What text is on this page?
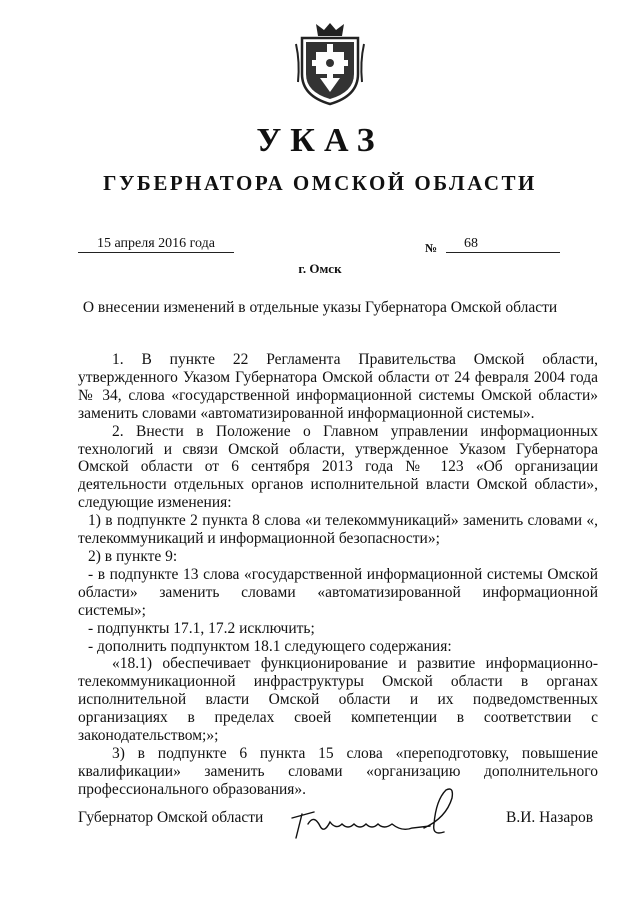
УКАЗ
ГУБЕРНАТОРА ОМСКОЙ ОБЛАСТИ
15 апреля 2016 года	№	68
г. Омск
О внесении изменений в отдельные указы Губернатора Омской области

1. В пункте 22 Регламента Правительства Омской области, утвержденного Указом Губернатора Омской области от 24 февраля 2004 года № 34, слова «государственной информационной системы Омской области» заменить словами «автоматизированной информационной системы».

2. Внести в Положение о Главном управлении информационных технологий и связи Омской области, утвержденное Указом Губернатора Омской области от 6 сентября 2013 года № 123 «Об организации деятельности отдельных органов исполнительной власти Омской области», следующие изменения:

1) в подпункте 2 пункта 8 слова «и телекоммуникаций» заменить словами «, телекоммуникаций и информационной безопасности»;

2) в пункте 9:

- в подпункте 13 слова «государственной информационной системы Омской области» заменить словами «автоматизированной информационной системы»;

- подпункты 17.1, 17.2 исключить;

- дополнить подпунктом 18.1 следующего содержания:

«18.1) обеспечивает функционирование и развитие информационно-телекоммуникационной инфраструктуры Омской области в органах исполнительной власти Омской области и их подведомственных организациях в пределах своей компетенции в соответствии с законодательством;»;

3) в подпункте 6 пункта 15 слова «переподготовку, повышение квалификации» заменить словами «организацию дополнительного профессионального образования».

Губернатор Омской области	В.И. Назаров
